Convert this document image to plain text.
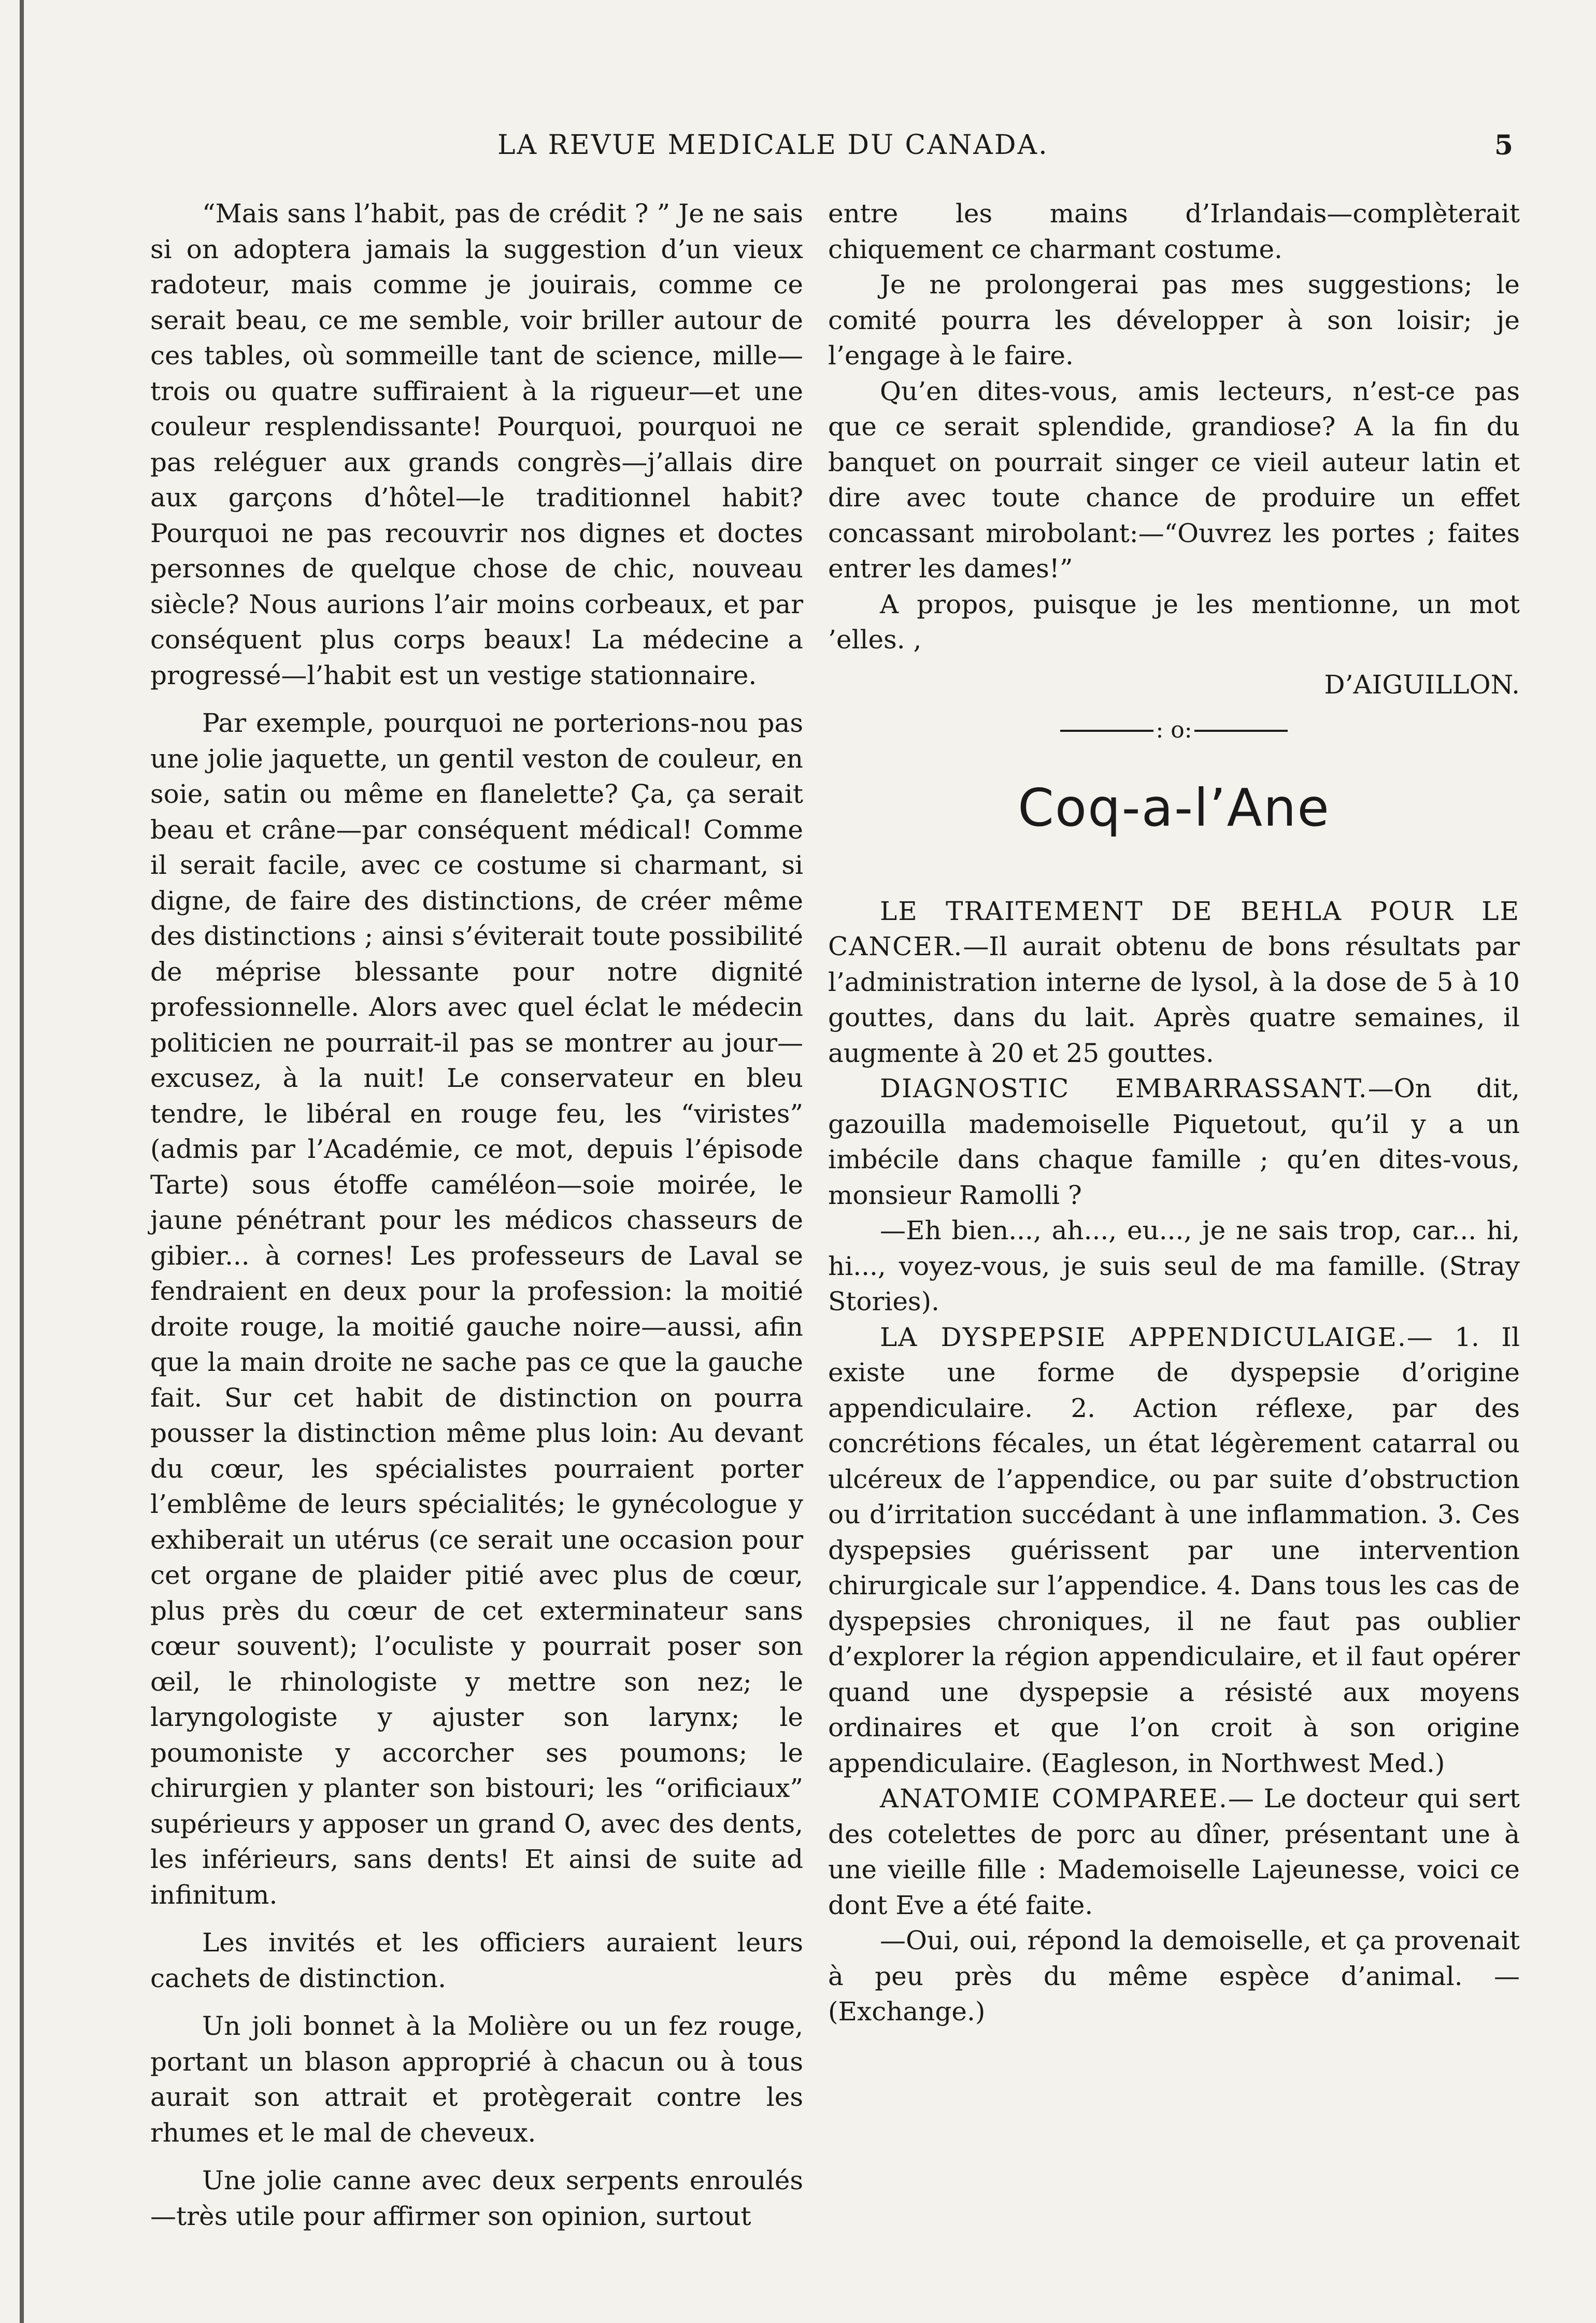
LA REVUE MEDICALE DU CANADA.	5

“Mais sans l’habit, pas de crédit ? ” Je ne sais si on adoptera jamais la suggestion d’un vieux radoteur, mais comme je jouirais, comme ce serait beau, ce me semble, voir briller autour de ces tables, où sommeille tant de science, mille—trois ou quatre suffiraient à la rigueur—et une couleur resplendissante! Pourquoi, pourquoi ne pas reléguer aux grands congrès—j’allais dire aux garçons d’hôtel—le traditionnel habit? Pourquoi ne pas recouvrir nos dignes et doctes personnes de quelque chose de chic, nouveau siècle? Nous aurions l’air moins corbeaux, et par conséquent plus corps beaux! La médecine a progressé—l’habit est un vestige stationnaire.

Par exemple, pourquoi ne porterions-nou pas une jolie jaquette, un gentil veston de couleur, en soie, satin ou même en flanelette? Ça, ça serait beau et crâne—par conséquent médical! Comme il serait facile, avec ce costume si charmant, si digne, de faire des distinctions, de créer même des distinctions ; ainsi s’éviterait toute possibilité de méprise blessante pour notre dignité professionnelle. Alors avec quel éclat le médecin politicien ne pourrait-il pas se montrer au jour—excusez, à la nuit! Le conservateur en bleu tendre, le libéral en rouge feu, les “viristes” (admis par l’Académie, ce mot, depuis l’épisode Tarte) sous étoffe caméléon—soie moirée, le jaune pénétrant pour les médicos chasseurs de gibier... à cornes! Les professeurs de Laval se fendraient en deux pour la profession: la moitié droite rouge, la moitié gauche noire—aussi, afin que la main droite ne sache pas ce que la gauche fait. Sur cet habit de distinction on pourra pousser la distinction même plus loin: Au devant du cœur, les spécialistes pourraient porter l’emblême de leurs spécialités; le gynécologue y exhiberait un utérus (ce serait une occasion pour cet organe de plaider pitié avec plus de cœur, plus près du cœur de cet exterminateur sans cœur souvent); l’oculiste y pourrait poser son œil, le rhinologiste y mettre son nez; le laryngologiste y ajuster son larynx; le poumoniste y accorcher ses poumons; le chirurgien y planter son bistouri; les “orificiaux” supérieurs y apposer un grand O, avec des dents, les inférieurs, sans dents! Et ainsi de suite ad infinitum.

Les invités et les officiers auraient leurs cachets de distinction.

Un joli bonnet à la Molière ou un fez rouge, portant un blason approprié à chacun ou à tous aurait son attrait et protègerait contre les rhumes et le mal de cheveux.

Une jolie canne avec deux serpents enroulés —très utile pour affirmer son opinion, surtout

entre les mains d’Irlandais—complèterait chiquement ce charmant costume.

Je ne prolongerai pas mes suggestions; le comité pourra les développer à son loisir; je l’engage à le faire.

Qu’en dites-vous, amis lecteurs, n’est-ce pas que ce serait splendide, grandiose? A la fin du banquet on pourrait singer ce vieil auteur latin et dire avec toute chance de produire un effet concassant mirobolant:—“Ouvrez les portes ; faites entrer les dames!”

A propos, puisque je les mentionne, un mot ’elles. ,

D’AIGUILLON.

: o:
Coq-a-l’Ane

LE TRAITEMENT DE BEHLA POUR LE CANCER.—Il aurait obtenu de bons résultats par l’administration interne de lysol, à la dose de 5 à 10 gouttes, dans du lait. Après quatre semaines, il augmente à 20 et 25 gouttes.

DIAGNOSTIC EMBARRASSANT.—On dit, gazouilla mademoiselle Piquetout, qu’il y a un imbécile dans chaque famille ; qu’en dites-vous, monsieur Ramolli ?

—Eh bien..., ah..., eu..., je ne sais trop, car... hi, hi..., voyez-vous, je suis seul de ma famille. (Stray Stories).

LA DYSPEPSIE APPENDICULAIGE.— 1. Il existe une forme de dyspepsie d’origine appendiculaire. 2. Action réflexe, par des concrétions fécales, un état légèrement catarral ou ulcéreux de l’appendice, ou par suite d’obstruction ou d’irritation succédant à une inflammation. 3. Ces dyspepsies guérissent par une intervention chirurgicale sur l’appendice. 4. Dans tous les cas de dyspepsies chroniques, il ne faut pas oublier d’explorer la région appendiculaire, et il faut opérer quand une dyspepsie a résisté aux moyens ordinaires et que l’on croit à son origine appendiculaire. (Eagleson, in Northwest Med.)

ANATOMIE COMPAREE.— Le docteur qui sert des cotelettes de porc au dîner, présentant une à une vieille fille : Mademoiselle Lajeunesse, voici ce dont Eve a été faite.

—Oui, oui, répond la demoiselle, et ça provenait à peu près du même espèce d’animal. — (Exchange.)
